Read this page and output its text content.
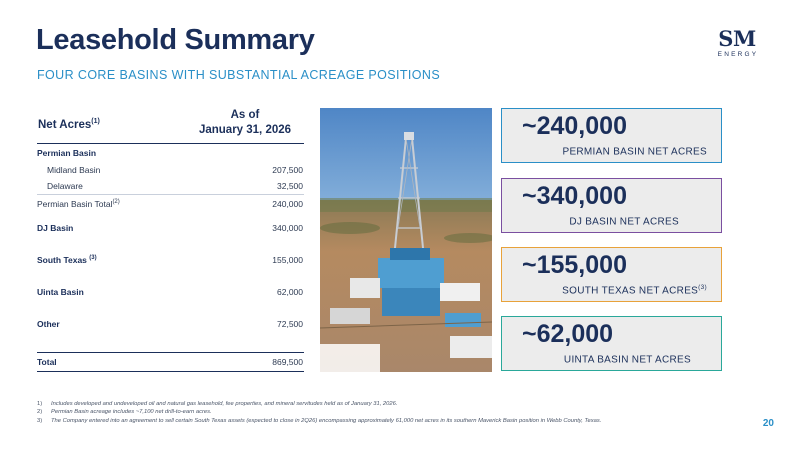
Leasehold Summary
FOUR CORE BASINS WITH SUBSTANTIAL ACREAGE POSITIONS
SM
ENERGY
Net Acres$^{(1)}$
As of
January 31, 2026
Permian Basin
Midland Basin	207,500
Delaware	32,500
Permian Basin Total$^{(2)}$	240,000
DJ Basin	340,000
South Texas $^{(3)}$	155,000
Uinta Basin	62,000
Other	72,500
Total	869,500
~240,000
PERMIAN BASIN NET ACRES
~340,000
DJ BASIN NET ACRES
~155,000
SOUTH TEXAS NET ACRES$^{(3)}$
~62,000
UINTA BASIN NET ACRES
1)	Includes developed and undeveloped oil and natural gas leasehold, fee properties, and mineral servitudes held as of January 31, 2026.
2)	Permian Basin acreage includes ~7,100 net drill-to-earn acres.
3)	The Company entered into an agreement to sell certain South Texas assets (expected to close in 2Q26) encompassing approximately 61,000 net acres in its southern Maverick Basin position in Webb County, Texas.	20
